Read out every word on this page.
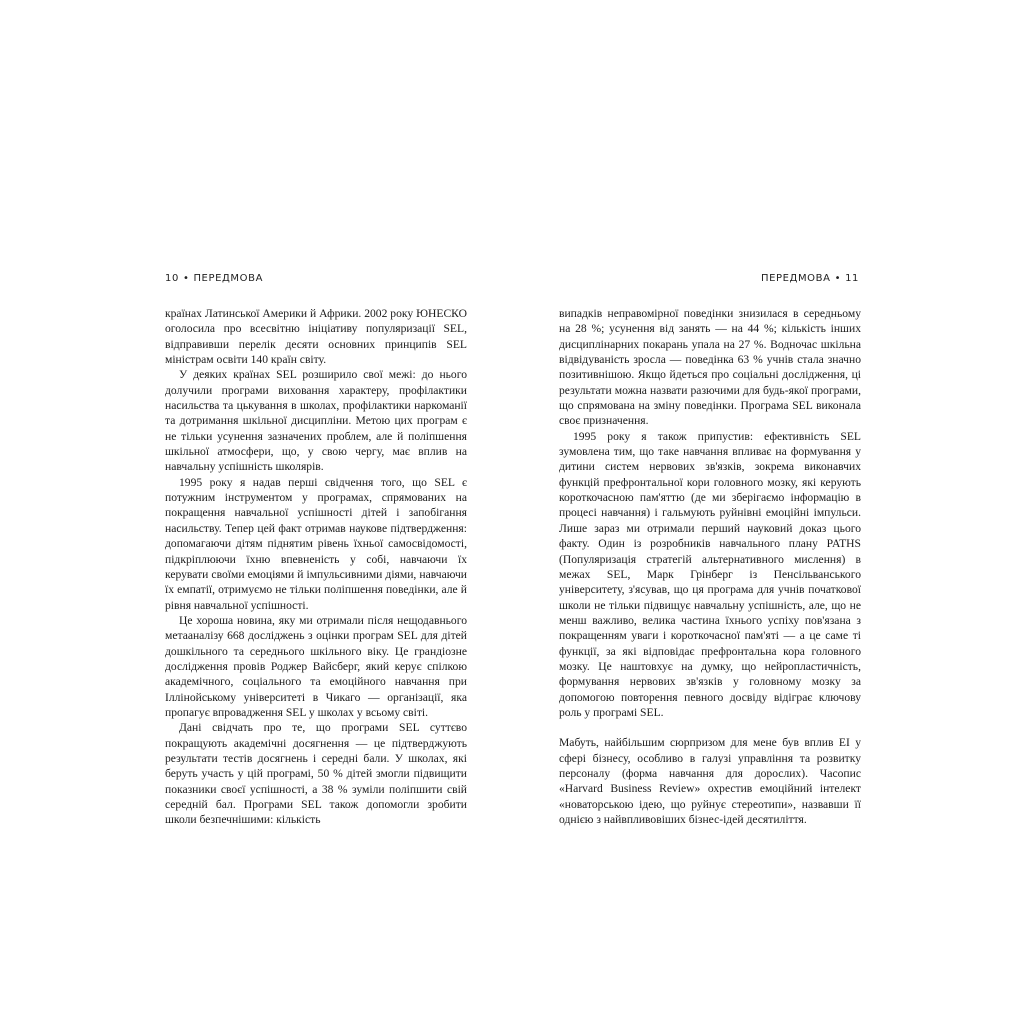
10 • ПЕРЕДМОВА	ПЕРЕДМОВА • 11

країнах Латинської Америки й Африки. 2002 року ЮНЕСКО оголосила про всесвітню ініціативу популяризації SEL, відправивши перелік десяти основних принципів SEL міністрам освіти 140 країн світу.

У деяких країнах SEL розширило свої межі: до нього долучили програми виховання характеру, профілактики насильства та цькування в школах, профілактики наркоманії та дотримання шкільної дисципліни. Метою цих програм є не тільки усунення зазначених проблем, але й поліпшення шкільної атмосфери, що, у свою чергу, має вплив на навчальну успішність школярів.

1995 року я надав перші свідчення того, що SEL є потужним інструментом у програмах, спрямованих на покращення навчальної успішності дітей і запобігання насильству. Тепер цей факт отримав наукове підтвердження: допомагаючи дітям піднятим рівень їхньої самосвідомості, підкріплюючи їхню впевненість у собі, навчаючи їх керувати своїми емоціями й імпульсивними діями, навчаючи їх емпатії, отримуємо не тільки поліпшення поведінки, але й рівня навчальної успішності.

Це хороша новина, яку ми отримали після нещодавнього метааналізу 668 досліджень з оцінки програм SEL для дітей дошкільного та середнього шкільного віку. Це грандіозне дослідження провів Роджер Вайсберг, який керує спілкою академічного, соціального та емоційного навчання при Іллінойському університеті в Чикаго — організації, яка пропагує впровадження SEL у школах у всьому світі.

Дані свідчать про те, що програми SEL суттєво покращують академічні досягнення — це підтверджують результати тестів досягнень і середні бали. У школах, які беруть участь у цій програмі, 50 % дітей змогли підвищити показники своєї успішності, а 38 % зуміли поліпшити свій середній бал. Програми SEL також допомогли зробити школи безпечнішими: кількість

випадків неправомірної поведінки знизилася в середньому на 28 %; усунення від занять — на 44 %; кількість інших дисциплінарних покарань упала на 27 %. Водночас шкільна відвідуваність зросла — поведінка 63 % учнів стала значно позитивнішою. Якщо йдеться про соціальні дослідження, ці результати можна назвати разючими для будь-якої програми, що спрямована на зміну поведінки. Програма SEL виконала своє призначення.

1995 року я також припустив: ефективність SEL зумовлена тим, що таке навчання впливає на формування у дитини систем нервових зв'язків, зокрема виконавчих функцій префронтальної кори головного мозку, які керують короткочасною пам'яттю (де ми зберігаємо інформацію в процесі навчання) і гальмують руйнівні емоційні імпульси. Лише зараз ми отримали перший науковий доказ цього факту. Один із розробників навчального плану PATHS (Популяризація стратегій альтернативного мислення) в межах SEL, Марк Грінберг із Пенсільванського університету, з'ясував, що ця програма для учнів початкової школи не тільки підвищує навчальну успішність, але, що не менш важливо, велика частина їхнього успіху пов'язана з покращенням уваги і короткочасної пам'яті — а це саме ті функції, за які відповідає префронтальна кора головного мозку. Це наштовхує на думку, що нейропластичність, формування нервових зв'язків у головному мозку за допомогою повторення певного досвіду відіграє ключову роль у програмі SEL.

Мабуть, найбільшим сюрпризом для мене був вплив EI у сфері бізнесу, особливо в галузі управління та розвитку персоналу (форма навчання для дорослих). Часопис «Harvard Business Review» охрестив емоційний інтелект «новаторською ідею, що руйнує стереотипи», назвавши її однією з найвпливовіших бізнес-ідей десятиліття.
